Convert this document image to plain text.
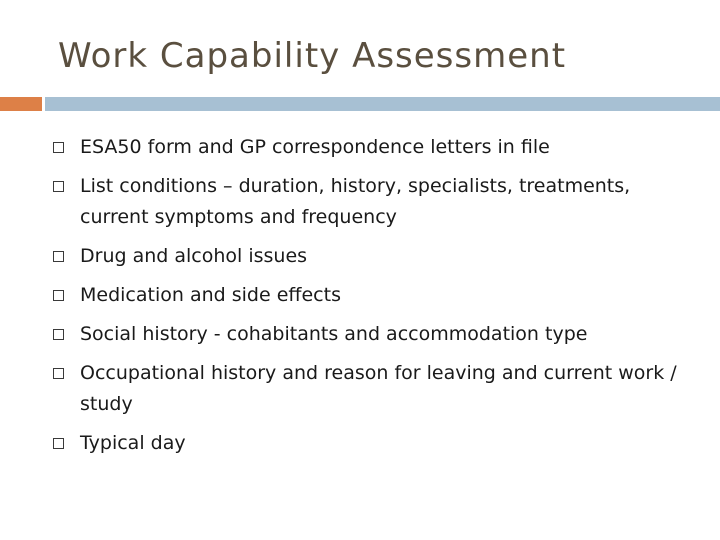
Work Capability Assessment
ESA50 form and GP correspondence letters in file
List conditions – duration, history, specialists, treatments, current symptoms and frequency
Drug and alcohol issues
Medication and side effects
Social history - cohabitants and accommodation type
Occupational history and reason for leaving and current work / study
Typical day
